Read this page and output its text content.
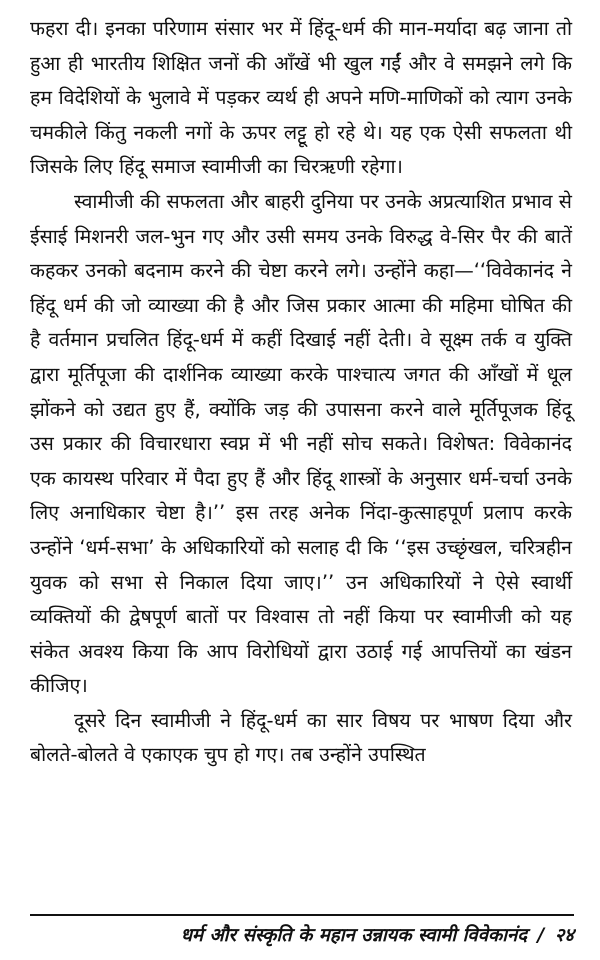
फहरा दी। इनका परिणाम संसार भर में हिंदू-धर्म की मान-मर्यादा बढ़ जाना तो हुआ ही भारतीय शिक्षित जनों की आँखें भी खुल गईं और वे समझने लगे कि हम विदेशियों के भुलावे में पड़कर व्यर्थ ही अपने मणि-माणिकों को त्याग उनके चमकीले किंतु नकली नगों के ऊपर लट्टू हो रहे थे। यह एक ऐसी सफलता थी जिसके लिए हिंदू समाज स्वामीजी का चिरऋणी रहेगा।

स्वामीजी की सफलता और बाहरी दुनिया पर उनके अप्रत्याशित प्रभाव से ईसाई मिशनरी जल-भुन गए और उसी समय उनके विरुद्ध वे-सिर पैर की बातें कहकर उनको बदनाम करने की चेष्टा करने लगे। उन्होंने कहा—‘‘विवेकानंद ने हिंदू धर्म की जो व्याख्या की है और जिस प्रकार आत्मा की महिमा घोषित की है वर्तमान प्रचलित हिंदू-धर्म में कहीं दिखाई नहीं देती। वे सूक्ष्म तर्क व युक्ति द्वारा मूर्तिपूजा की दार्शनिक व्याख्या करके पाश्चात्य जगत की आँखों में धूल झोंकने को उद्यत हुए हैं, क्योंकि जड़ की उपासना करने वाले मूर्तिपूजक हिंदू उस प्रकार की विचारधारा स्वप्न में भी नहीं सोच सकते। विशेषत: विवेकानंद एक कायस्थ परिवार में पैदा हुए हैं और हिंदू शास्त्रों के अनुसार धर्म-चर्चा उनके लिए अनाधिकार चेष्टा है।’’ इस तरह अनेक निंदा-कुत्साहपूर्ण प्रलाप करके उन्होंने ‘धर्म-सभा’ के अधिकारियों को सलाह दी कि ‘‘इस उच्छृंखल, चरित्रहीन युवक को सभा से निकाल दिया जाए।’’ उन अधिकारियों ने ऐसे स्वार्थी व्यक्तियों की द्वेषपूर्ण बातों पर विश्वास तो नहीं किया पर स्वामीजी को यह संकेत अवश्य किया कि आप विरोधियों द्वारा उठाई गई आपत्तियों का खंडन कीजिए।

दूसरे दिन स्वामीजी ने हिंदू-धर्म का सार विषय पर भाषण दिया और बोलते-बोलते वे एकाएक चुप हो गए। तब उन्होंने उपस्थित

धर्म और संस्कृति के महान उन्नायक स्वामी विवेकानंद / २४
